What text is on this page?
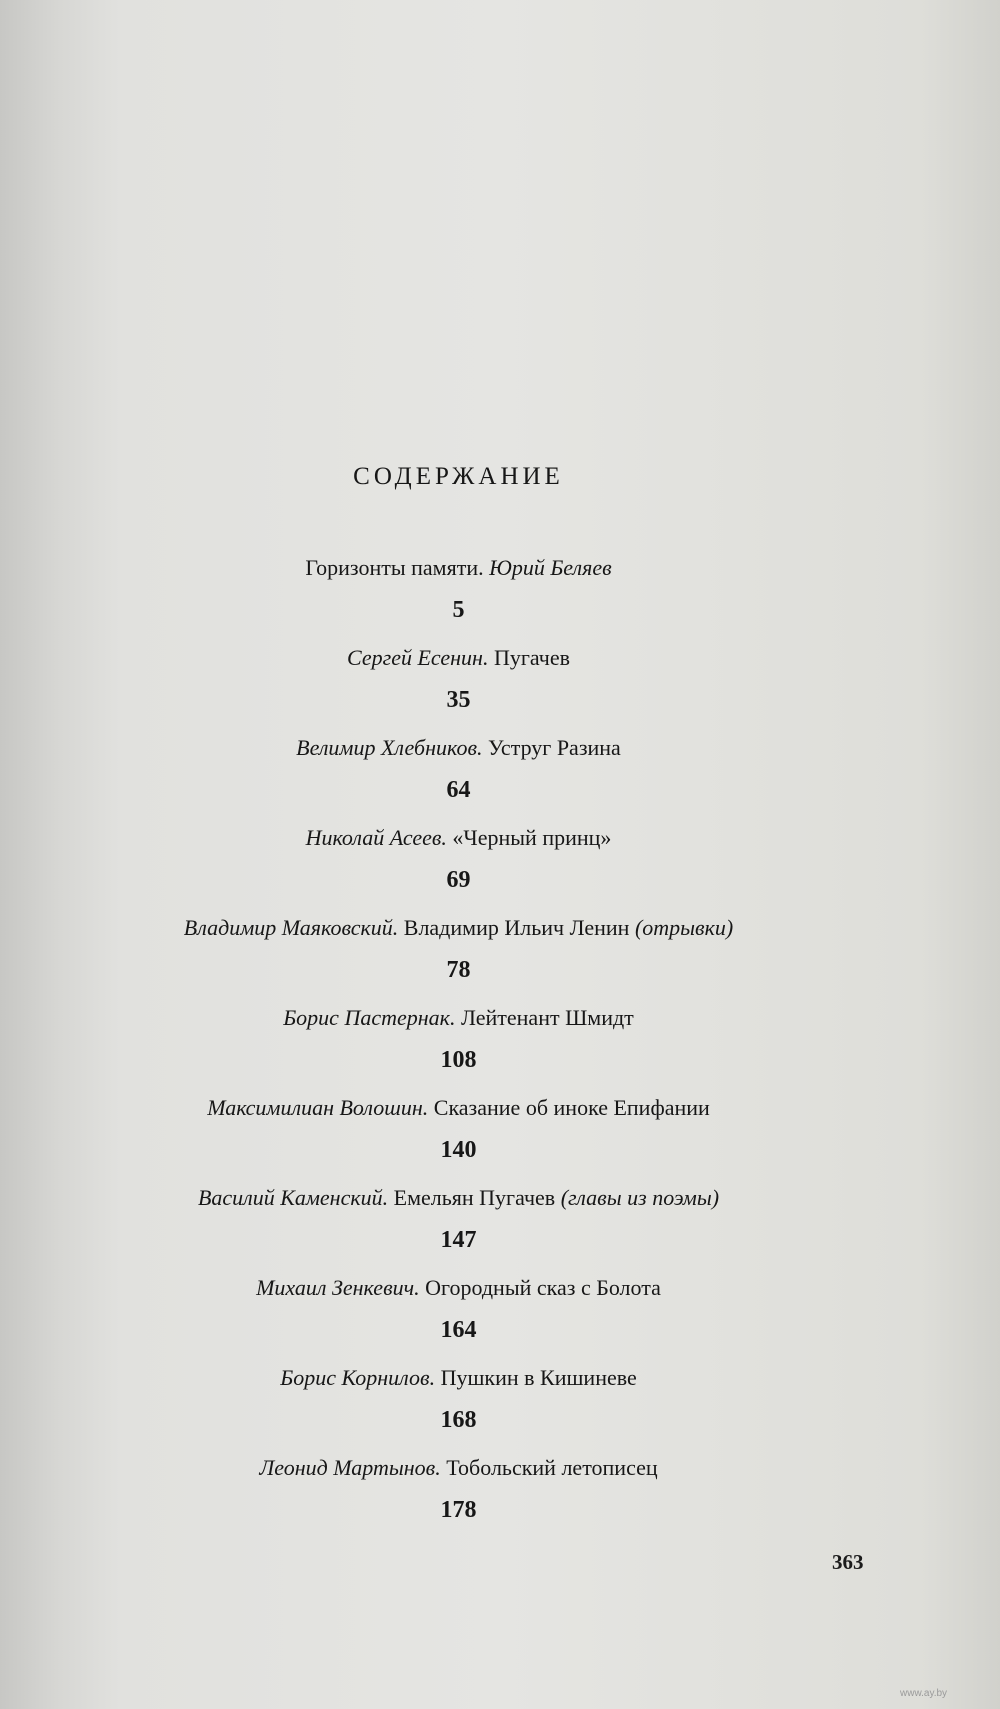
СОДЕРЖАНИЕ
Горизонты памяти. Юрий Беляев
5
Сергей Есенин. Пугачев
35
Велимир Хлебников. Уструг Разина
64
Николай Асеев. «Черный принц»
69
Владимир Маяковский. Владимир Ильич Ленин (отрывки)
78
Борис Пастернак. Лейтенант Шмидт
108
Максимилиан Волошин. Сказание об иноке Епифании
140
Василий Каменский. Емельян Пугачев (главы из поэмы)
147
Михаил Зенкевич. Огородный сказ с Болота
164
Борис Корнилов. Пушкин в Кишиневе
168
Леонид Мартынов. Тобольский летописец
178
363
www.ay.by
